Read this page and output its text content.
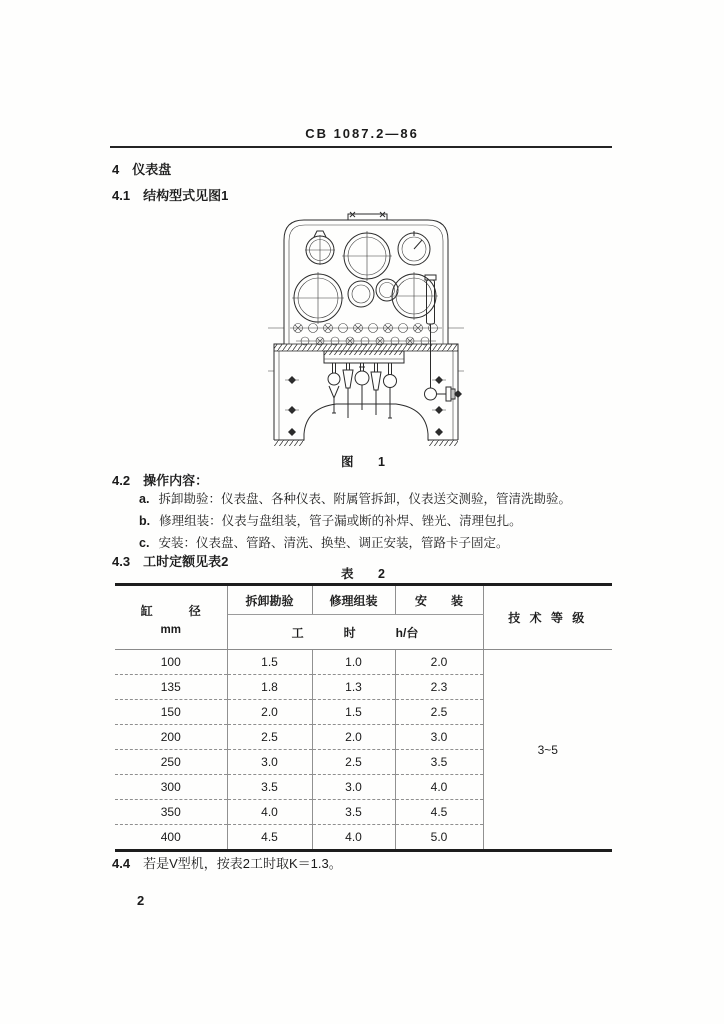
CB 1087.2—86
4 仪表盘
4.1 结构型式见图1
图　1
4.2 操作内容：
a. 拆卸勘验：仪表盘、各种仪表、附属管拆卸，仪表送交测验，管清洗勘验。
b. 修理组装：仪表与盘组装，管子漏或断的补焊、锉光、清理包扎。
c. 安装：仪表盘、管路、清洗、换垫、调正安装，管路卡子固定。
4.3 工时定额见表2
表　2
缸　　　径
mm	拆卸勘验	修理组装	安　　装	技 术 等 级

	工 时 h/台			

100	1.5	1.0	2.0	3~5
135	1.8	1.3	2.3	
150	2.0	1.5	2.5	
200	2.5	2.0	3.0	
250	3.0	2.5	3.5	
300	3.5	3.0	4.0	
350	4.0	3.5	4.5	
400	4.5	4.0	5.0	
4.4 若是V型机，按表2工时取K＝1.3。
2
